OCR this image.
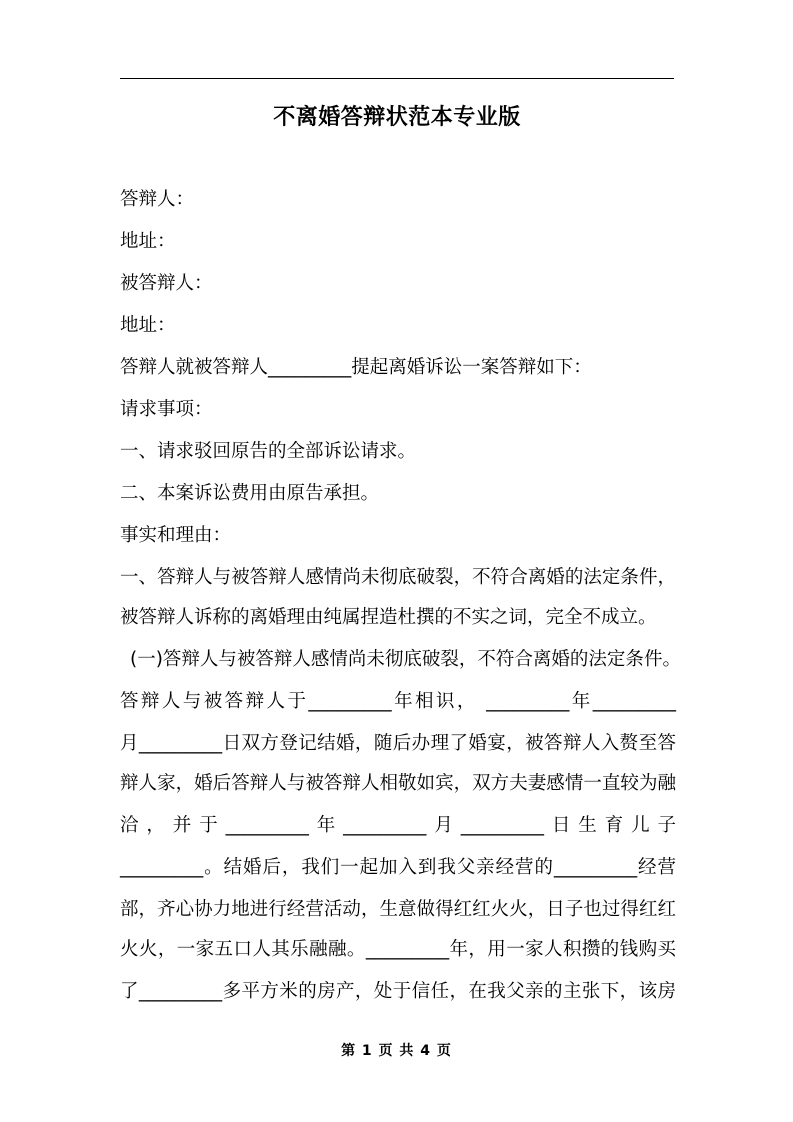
不离婚答辩状范本专业版
答辩人：
地址：
被答辩人：
地址：
答辩人就被答辩人_________提起离婚诉讼一案答辩如下：
请求事项：
一、请求驳回原告的全部诉讼请求。
二、本案诉讼费用由原告承担。
事实和理由：
一、答辩人与被答辩人感情尚未彻底破裂，不符合离婚的法定条件，
被答辩人诉称的离婚理由纯属捏造杜撰的不实之词，完全不成立。
(一)答辩人与被答辩人感情尚未彻底破裂，不符合离婚的法定条件。
答辩人与被答辩人于_________年相识， _________年_________
月_________日双方登记结婚，随后办理了婚宴，被答辩人入赘至答
辩人家，婚后答辩人与被答辩人相敬如宾，双方夫妻感情一直较为融
洽，并于_________年_________月_________日生育儿子
_________。结婚后，我们一起加入到我父亲经营的_________经营
部，齐心协力地进行经营活动，生意做得红红火火，日子也过得红红
火火，一家五口人其乐融融。_________年，用一家人积攒的钱购买
了_________多平方米的房产，处于信任，在我父亲的主张下，该房
第 1 页 共 4 页
